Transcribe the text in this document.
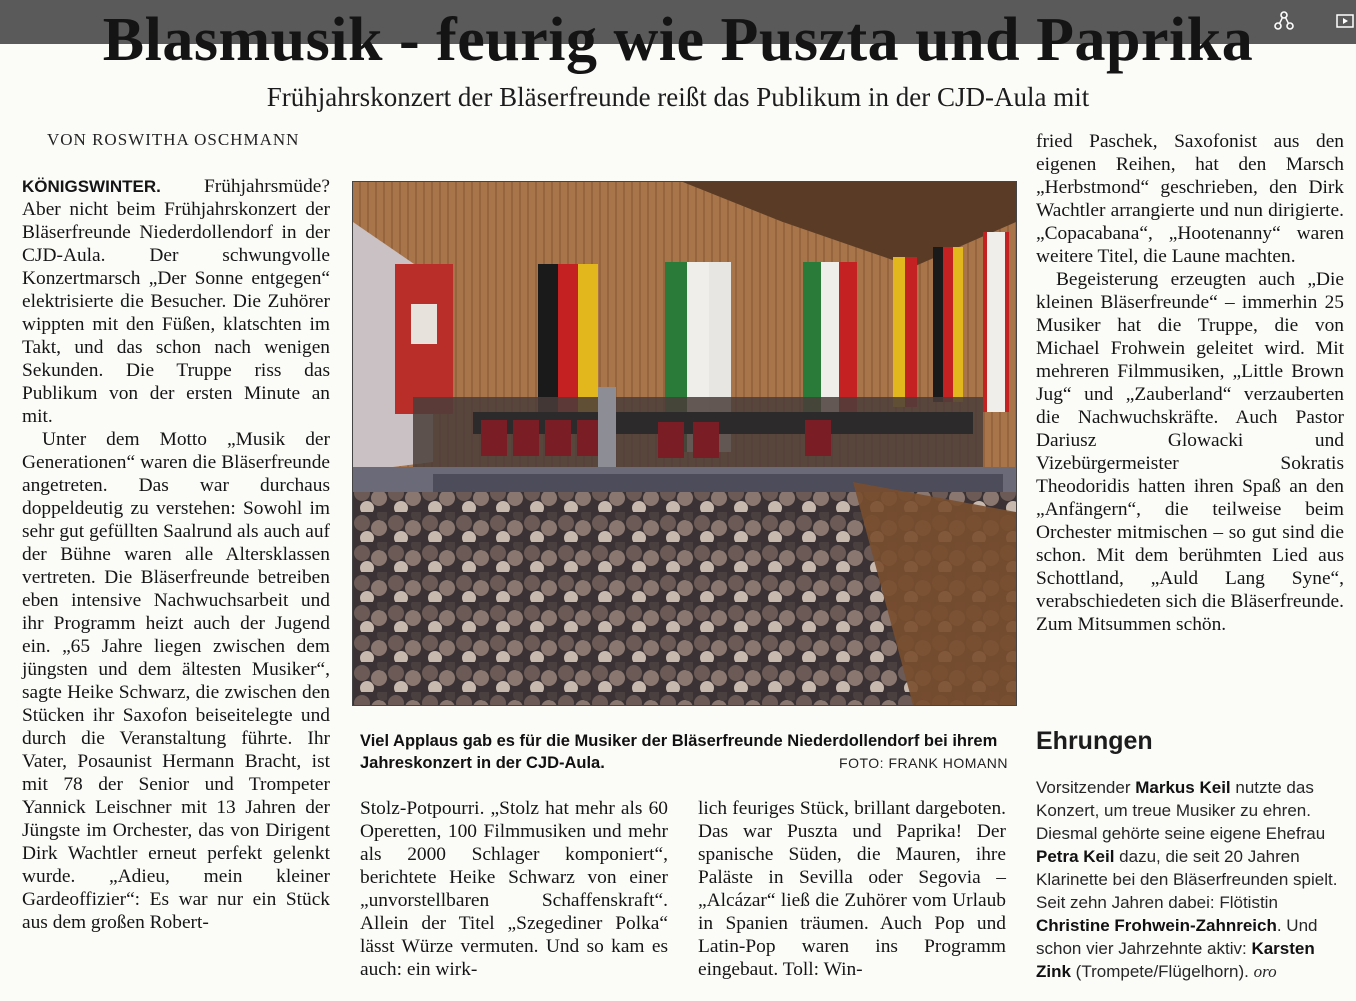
Blasmusik - feurig wie Puszta und Paprika
Frühjahrskonzert der Bläserfreunde reißt das Publikum in der CJD-Aula mit
VON ROSWITHA OSCHMANN

KÖNIGSWINTER. Frühjahrsmüde? Aber nicht beim Frühjahrskonzert der Bläserfreunde Niederdollendorf in der CJD-Aula. Der schwungvolle Konzertmarsch „Der Sonne entgegen“ elektrisierte die Besucher. Die Zuhörer wippten mit den Füßen, klatschten im Takt, und das schon nach wenigen Sekunden. Die Truppe riss das Publikum von der ersten Minute an mit.

Unter dem Motto „Musik der Generationen“ waren die Bläserfreunde angetreten. Das war durchaus doppeldeutig zu verstehen: Sowohl im sehr gut gefüllten Saalrund als auch auf der Bühne waren alle Altersklassen vertreten. Die Bläserfreunde betreiben eben intensive Nachwuchsarbeit und ihr Programm heizt auch der Jugend ein. „65 Jahre liegen zwischen dem jüngsten und dem ältesten Musiker“, sagte Heike Schwarz, die zwischen den Stücken ihr Saxofon beiseitelegte und durch die Veranstaltung führte. Ihr Vater, Posaunist Hermann Bracht, ist mit 78 der Senior und Trompeter Yannick Leischner mit 13 Jahren der Jüngste im Orchester, das von Dirigent Dirk Wachtler erneut perfekt gelenkt wurde. „Adieu, mein kleiner Gardeoffizier“: Es war nur ein Stück aus dem großen Robert-

Viel Applaus gab es für die Musiker der Bläserfreunde Niederdollendorf bei ihrem Jahreskonzert in der CJD-Aula.	FOTO: FRANK HOMANN

Stolz-Potpourri. „Stolz hat mehr als 60 Operetten, 100 Filmmusiken und mehr als 2000 Schlager komponiert“, berichtete Heike Schwarz von einer „unvorstellbaren Schaffenskraft“. Allein der Titel „Szegediner Polka“ lässt Würze vermuten. Und so kam es auch: ein wirk-

lich feuriges Stück, brillant dargeboten. Das war Puszta und Paprika! Der spanische Süden, die Mauren, ihre Paläste in Sevilla oder Segovia – „Alcázar“ ließ die Zuhörer vom Urlaub in Spanien träumen. Auch Pop und Latin-Pop waren ins Programm eingebaut. Toll: Win-

fried Paschek, Saxofonist aus den eigenen Reihen, hat den Marsch „Herbstmond“ geschrieben, den Dirk Wachtler arrangierte und nun dirigierte. „Copacabana“, „Hootenanny“ waren weitere Titel, die Laune machten.

Begeisterung erzeugten auch „Die kleinen Bläserfreunde“ – immerhin 25 Musiker hat die Truppe, die von Michael Frohwein geleitet wird. Mit mehreren Filmmusiken, „Little Brown Jug“ und „Zauberland“ verzauberten die Nachwuchskräfte. Auch Pastor Dariusz Glowacki und Vizebürgermeister Sokratis Theodoridis hatten ihren Spaß an den „Anfängern“, die teilweise beim Orchester mitmischen – so gut sind die schon. Mit dem berühmten Lied aus Schottland, „Auld Lang Syne“, verabschiedeten sich die Bläserfreunde. Zum Mitsummen schön.

Ehrungen
Vorsitzender Markus Keil nutzte das Konzert, um treue Musiker zu ehren. Diesmal gehörte seine eigene Ehefrau Petra Keil dazu, die seit 20 Jahren Klarinette bei den Bläserfreunden spielt. Seit zehn Jahren dabei: Flötistin Christine Frohwein-Zahnreich. Und schon vier Jahrzehnte aktiv: Karsten Zink (Trompete/Flügelhorn). oro
